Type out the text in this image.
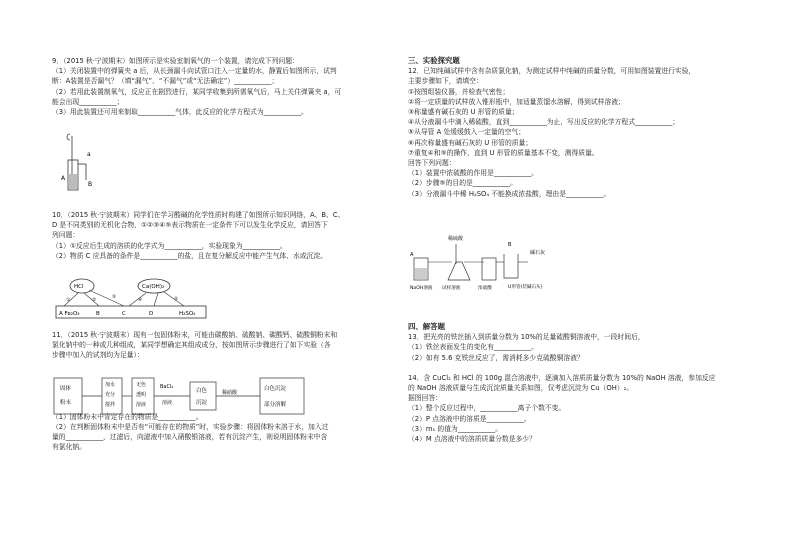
9．（2015 秋·宁波期末）如图所示是实验室制氧气的一个装置，请完成下列问题：
（1）关闭装置中的弹簧夹 a 后，从长颈漏斗向试管口注入一定量的水，静置后如图所示，试判
断：A装置是否漏气？（填“漏气”、“不漏气”或“无法确定”）___________；
（2）若用此装置制氧气，反应正在剧烈进行，某同学收集到所需氧气后，马上关住弹簧夹 a，可
能会出现___________；
（3）用此装置还可用来制取___________气体，此反应的化学方程式为___________。
a
A
B
10．（2015 秋·宁波期末）同学们在学习酸碱的化学性质时构建了如图所示知识网络，A、B、C、
D 是不同类别的无机化合物，①②③④⑤表示物质在一定条件下可以发生化学反应，请回答下
列问题：
（1）①反应后生成的溶质的化学式为___________，实验现象为___________。
（2）物质 C 应具备的条件是___________的盐，且在复分解反应中能产生气体、水或沉淀。
HCl	Ca(OH)₂
A Fe₂O₃	B	C	D	H₂SO₄
①	②
③
④	⑤
11．（2015 秋·宁波期末）现有一包固体粉末，可能由碳酸钠、硫酸钠、碳酸钙、硫酸铜粉末和
氯化钠中的一种或几种组成，某同学想确定其组成成分，按如图所示步骤进行了如下实验（各
步骤中加入的试剂均为足量）：

（1）固体粉末中肯定存在的物质是___________。
（2）在判断固体粉末中是否有“可能存在的物质”时，实验步骤：将固体粉末溶于水，加入过
量的___________，过滤后，向滤液中加入硝酸银溶液，若有沉淀产生，则说明固体粉末中含
有氯化钠。
固体
粉末
加水
充分
搅拌
无色
透明
溶液
BaCl₂
溶液
白色
沉淀
稀硝酸
白色沉淀
部分溶解
三、实验探究题
12．已知纯碱试样中含有杂质氯化钠，为测定试样中纯碱的质量分数，可用如图装置进行实验，
主要步骤如下，请填空：
①按图组装仪器，并检查气密性；
②将一定质量的试样放入锥形瓶中，加适量蒸馏水溶解，得到试样溶液；
③称量盛有碱石灰的 U 形管的质量；
④从分液漏斗中滴入稀硫酸，直到___________为止，写出反应的化学方程式___________；
⑤从导管 A 处缓缓鼓入一定量的空气；
⑥再次称量盛有碱石灰的 U 形管的质量；
⑦重复④和⑤的操作，直到 U 形管的质量基本不变，测得质量。
回答下列问题：
（1）装置中浓硫酸的作用是___________。
（2）步骤⑤的目的是___________。
（3）分液漏斗中稀 H₂SO₄ 不能换成浓盐酸，理由是___________。
稀硫酸
A
B
碱石灰
NaOH溶液 试样溶液	浓硫酸	U形管(装碱石灰)
四、解答题
13．把光亮的铁丝插入到质量分数为 10%的足量硫酸铜溶液中，一段时间后，
（1）铁丝表面发生的变化有___________。
（2）如有 5.6 克铁丝反应了，需消耗多少克硫酸铜溶液？
14．含 CuCl₂ 和 HCl 的 100g 混合溶液中，逐滴加入溶质质量分数为 10%的 NaOH 溶液，参加反应
的 NaOH 溶液质量与生成沉淀质量关系如图，仅考虑沉淀为 Cu（OH）₂。
据图回答：
（1）整个反应过程中，___________离子个数不变。
（2）P 点溶液中的溶质是___________。
（3）m₁ 的值为___________。
（4）M 点溶液中的溶质质量分数是多少？
